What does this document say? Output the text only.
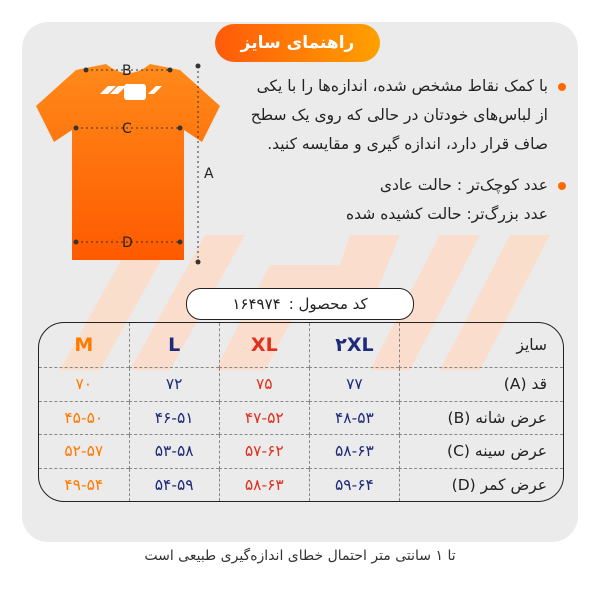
راهنمای سایز
B
C
D
A
با کمک نقاط مشخص شده، اندازه‌ها را با یکی از لباس‌های خودتان در حالی که روی یک سطح صاف قرار دارد، اندازه گیری و مقایسه کنید.
عدد کوچک‌تر : حالت عادی
عدد بزرگ‌تر: حالت کشیده شده
کد محصول :
۱۶۴۹۷۴
سایز	۲XL	XL	L	M
قد (A)	۷۷	۷۵	۷۲	۷۰
عرض شانه (B)	۴۸-۵۳	۴۷-۵۲	۴۶-۵۱	۴۵-۵۰
عرض سینه (C)	۵۸-۶۳	۵۷-۶۲	۵۳-۵۸	۵۲-۵۷
عرض کمر (D)	۵۹-۶۴	۵۸-۶۳	۵۴-۵۹	۴۹-۵۴
تا ۱ سانتی متر احتمال خطای اندازه‌گیری طبیعی است
